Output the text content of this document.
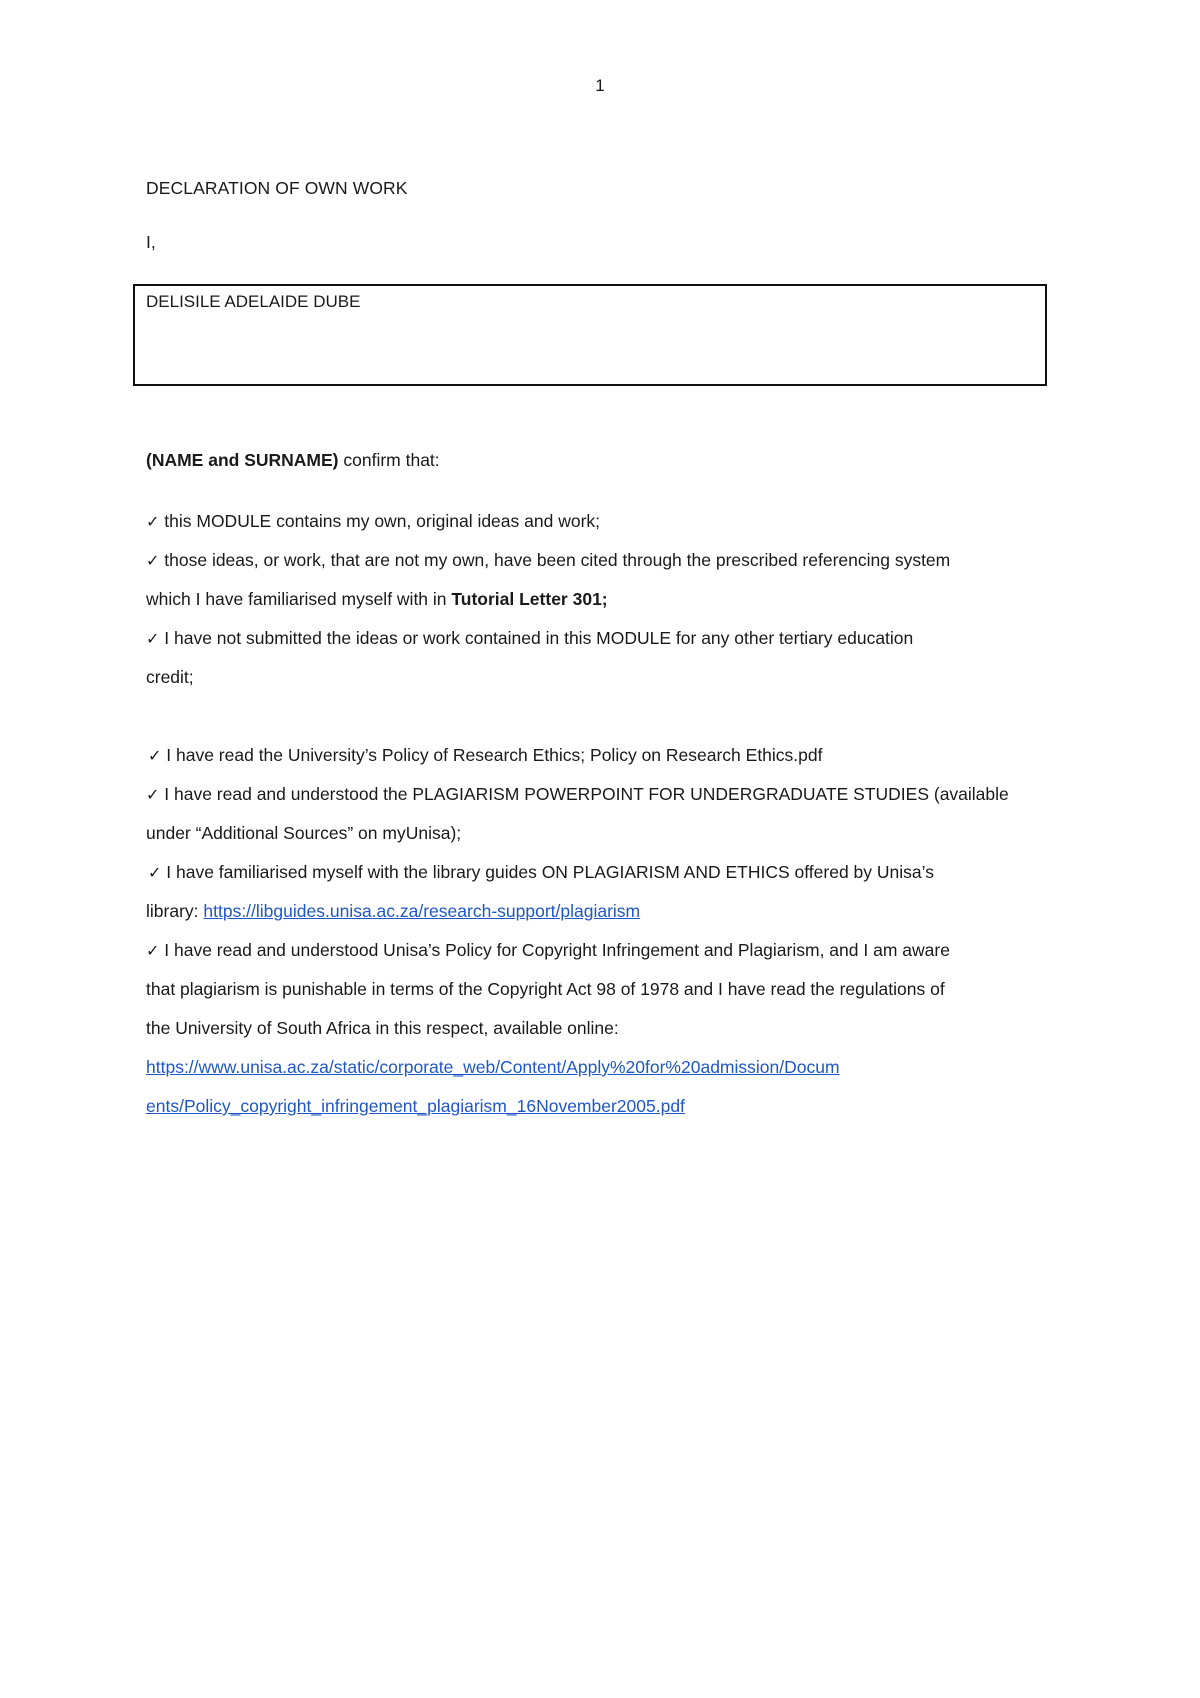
1

DECLARATION OF OWN WORK

I,

DELISILE ADELAIDE DUBE
(NAME and SURNAME) confirm that:

✓ this MODULE contains my own, original ideas and work;

✓ those ideas, or work, that are not my own, have been cited through the prescribed referencing system

which I have familiarised myself with in Tutorial Letter 301;

✓ I have not submitted the ideas or work contained in this MODULE for any other tertiary education

credit;

✓ I have read the University’s Policy of Research Ethics; Policy on Research Ethics.pdf

✓ I have read and understood the PLAGIARISM POWERPOINT FOR UNDERGRADUATE STUDIES (available

under “Additional Sources” on myUnisa);

✓ I have familiarised myself with the library guides ON PLAGIARISM AND ETHICS offered by Unisa’s

library: https://libguides.unisa.ac.za/research-support/plagiarism

✓ I have read and understood Unisa’s Policy for Copyright Infringement and Plagiarism, and I am aware

that plagiarism is punishable in terms of the Copyright Act 98 of 1978 and I have read the regulations of

the University of South Africa in this respect, available online:

https://www.unisa.ac.za/static/corporate_web/Content/Apply%20for%20admission/Docum

ents/Policy_copyright_infringement_plagiarism_16November2005.pdf
